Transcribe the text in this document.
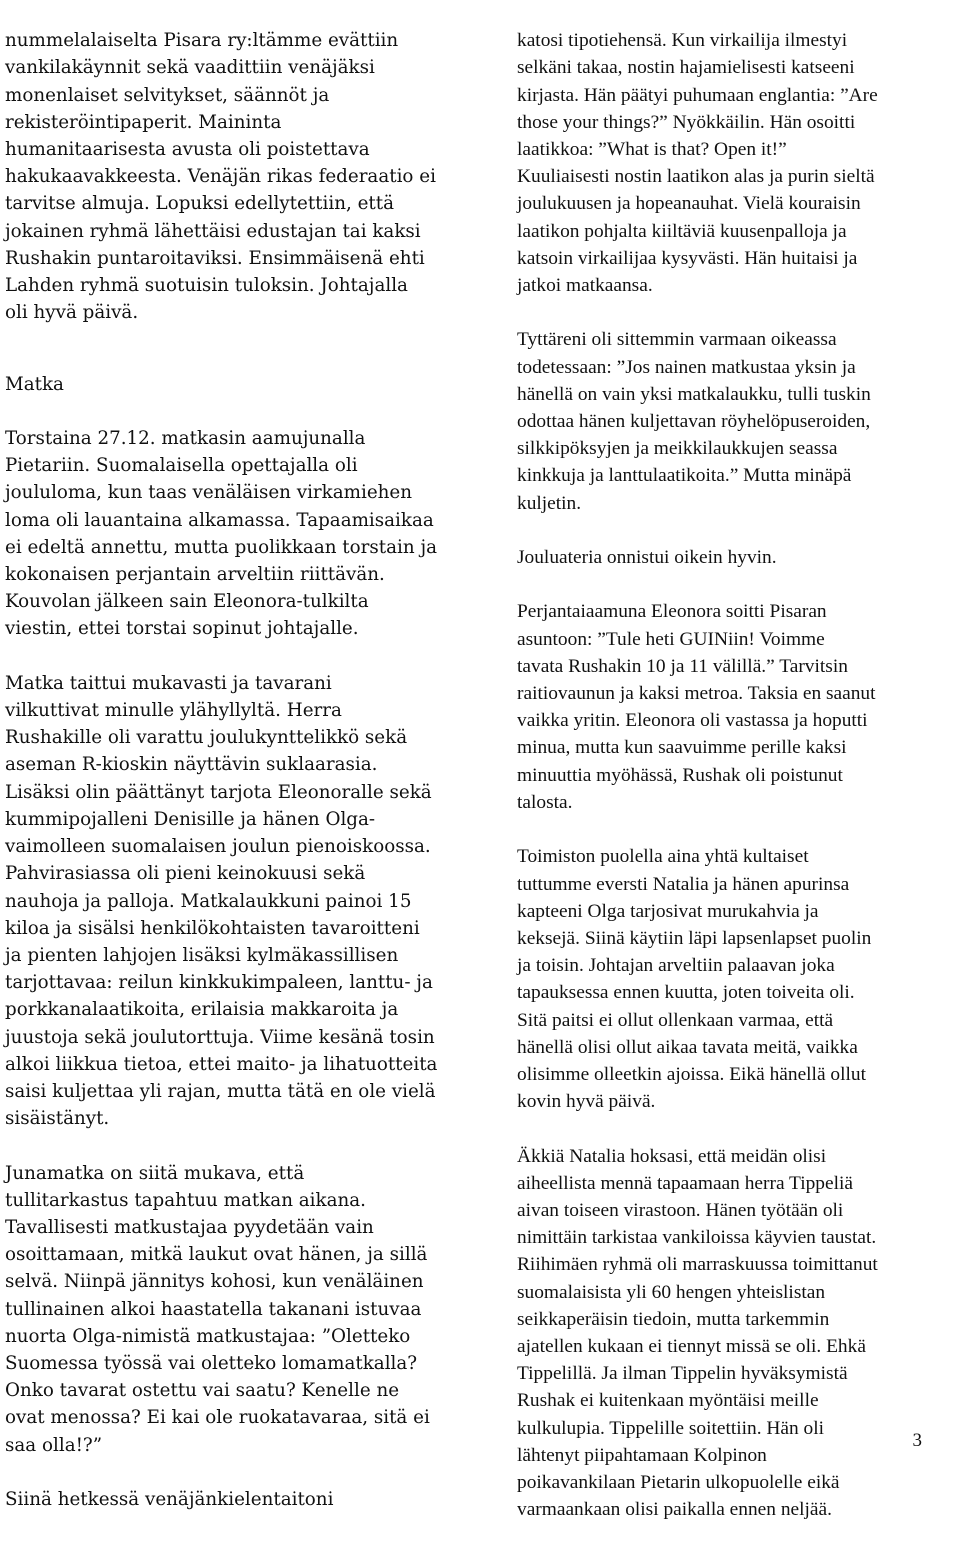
nummelalaiselta Pisara ry:ltämme evättiin
vankilakäynnit sekä vaadittiin venäjäksi
monenlaiset selvitykset, säännöt ja
rekisteröintipaperit. Maininta
humanitaarisesta avusta oli poistettava
hakukaavakkeesta. Venäjän rikas federaatio ei
tarvitse almuja. Lopuksi edellytettiin, että
jokainen ryhmä lähettäisi edustajan tai kaksi
Rushakin puntaroitaviksi. Ensimmäisenä ehti
Lahden ryhmä suotuisin tuloksin. Johtajalla
oli hyvä päivä.

Matka

Torstaina 27.12. matkasin aamujunalla
Pietariin. Suomalaisella opettajalla oli
joululoma, kun taas venäläisen virkamiehen
loma oli lauantaina alkamassa. Tapaamisaikaa
ei edeltä annettu, mutta puolikkaan torstain ja
kokonaisen perjantain arveltiin riittävän.
Kouvolan jälkeen sain Eleonora-tulkilta
viestin, ettei torstai sopinut johtajalle.

Matka taittui mukavasti ja tavarani
vilkuttivat minulle ylähyllyltä. Herra
Rushakille oli varattu joulukynttelikkö sekä
aseman R-kioskin näyttävin suklaarasia.
Lisäksi olin päättänyt tarjota Eleonoralle sekä
kummipojalleni Denisille ja hänen Olga-
vaimolleen suomalaisen joulun pienoiskoossa.
Pahvirasiassa oli pieni keinokuusi sekä
nauhoja ja palloja. Matkalaukkuni painoi 15
kiloa ja sisälsi henkilökohtaisten tavaroitteni
ja pienten lahjojen lisäksi kylmäkassillisen
tarjottavaa: reilun kinkkukimpaleen, lanttu- ja
porkkanalaatikoita, erilaisia makkaroita ja
juustoja sekä joulutorttuja. Viime kesänä tosin
alkoi liikkua tietoa, ettei maito- ja lihatuotteita
saisi kuljettaa yli rajan, mutta tätä en ole vielä
sisäistänyt.

Junamatka on siitä mukava, että
tullitarkastus tapahtuu matkan aikana.
Tavallisesti matkustajaa pyydetään vain
osoittamaan, mitkä laukut ovat hänen, ja sillä
selvä. Niinpä jännitys kohosi, kun venäläinen
tullinainen alkoi haastatella takanani istuvaa
nuorta Olga-nimistä matkustajaa: ”Oletteko
Suomessa työssä vai oletteko lomamatkalla?
Onko tavarat ostettu vai saatu? Kenelle ne
ovat menossa? Ei kai ole ruokatavaraa, sitä ei
saa olla!?”

Siinä hetkessä venäjänkielentaitoni

katosi tipotiehensä. Kun virkailija ilmestyi
selkäni takaa, nostin hajamielisesti katseeni
kirjasta. Hän päätyi puhumaan englantia: ”Are
those your things?” Nyökkäilin. Hän osoitti
laatikkoa: ”What is that? Open it!”
Kuuliaisesti nostin laatikon alas ja purin sieltä
joulukuusen ja hopeanauhat. Vielä kouraisin
laatikon pohjalta kiiltäviä kuusenpalloja ja
katsoin virkailijaa kysyvästi. Hän huitaisi ja
jatkoi matkaansa.

Tyttäreni oli sittemmin varmaan oikeassa
todetessaan: ”Jos nainen matkustaa yksin ja
hänellä on vain yksi matkalaukku, tulli tuskin
odottaa hänen kuljettavan röyhelöpuseroiden,
silkkipöksyjen ja meikkilaukkujen seassa
kinkkuja ja lanttulaatikoita.” Mutta minäpä
kuljetin.

Jouluateria onnistui oikein hyvin.

Perjantaiaamuna Eleonora soitti Pisaran
asuntoon: ”Tule heti GUINiin! Voimme
tavata Rushakin 10 ja 11 välillä.” Tarvitsin
raitiovaunun ja kaksi metroa. Taksia en saanut
vaikka yritin. Eleonora oli vastassa ja hoputti
minua, mutta kun saavuimme perille kaksi
minuuttia myöhässä, Rushak oli poistunut
talosta.

Toimiston puolella aina yhtä kultaiset
tuttumme eversti Natalia ja hänen apurinsa
kapteeni Olga tarjosivat murukahvia ja
keksejä. Siinä käytiin läpi lapsenlapset puolin
ja toisin. Johtajan arveltiin palaavan joka
tapauksessa ennen kuutta, joten toiveita oli.
Sitä paitsi ei ollut ollenkaan varmaa, että
hänellä olisi ollut aikaa tavata meitä, vaikka
olisimme olleetkin ajoissa. Eikä hänellä ollut
kovin hyvä päivä.

Äkkiä Natalia hoksasi, että meidän olisi
aiheellista mennä tapaamaan herra Tippeliä
aivan toiseen virastoon. Hänen työtään oli
nimittäin tarkistaa vankiloissa käyvien taustat.
Riihimäen ryhmä oli marraskuussa toimittanut
suomalaisista yli 60 hengen yhteislistan
seikkaperäisin tiedoin, mutta tarkemmin
ajatellen kukaan ei tiennyt missä se oli. Ehkä
Tippelillä. Ja ilman Tippelin hyväksymistä
Rushak ei kuitenkaan myöntäisi meille
kulkulupia. Tippelille soitettiin. Hän oli
lähtenyt piipahtamaan Kolpinon
poikavankilaan Pietarin ulkopuolelle eikä
varmaankaan olisi paikalla ennen neljää.

3
